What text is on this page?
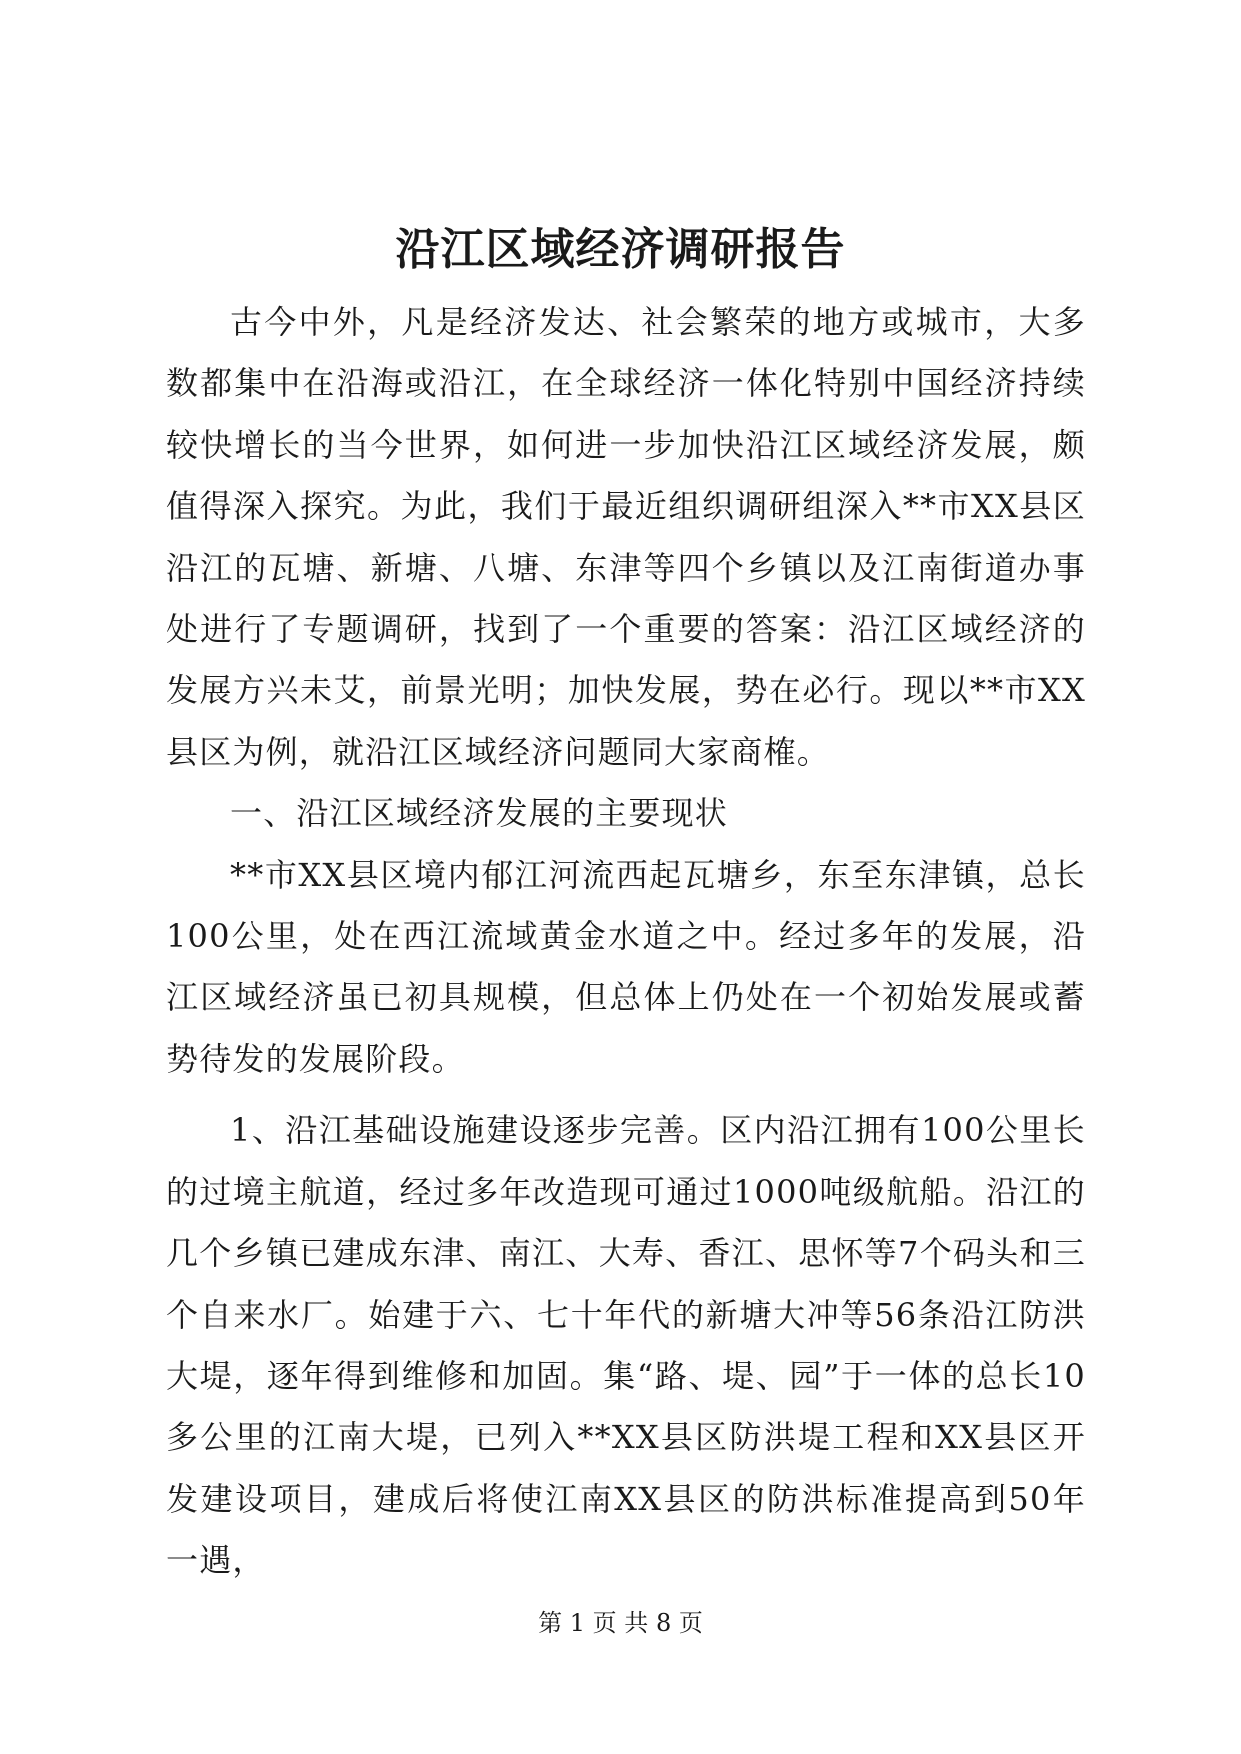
沿江区域经济调研报告

古今中外，凡是经济发达、社会繁荣的地方或城市，大多数都集中在沿海或沿江，在全球经济一体化特别中国经济持续较快增长的当今世界，如何进一步加快沿江区域经济发展，颇值得深入探究。为此，我们于最近组织调研组深入**市XX县区沿江的瓦塘、新塘、八塘、东津等四个乡镇以及江南街道办事处进行了专题调研，找到了一个重要的答案：沿江区域经济的发展方兴未艾，前景光明；加快发展，势在必行。现以**市XX县区为例，就沿江区域经济问题同大家商榷。

一、沿江区域经济发展的主要现状

**市XX县区境内郁江河流西起瓦塘乡，东至东津镇，总长100公里，处在西江流域黄金水道之中。经过多年的发展，沿江区域经济虽已初具规模，但总体上仍处在一个初始发展或蓄势待发的发展阶段。

1、沿江基础设施建设逐步完善。区内沿江拥有100公里长的过境主航道，经过多年改造现可通过1000吨级航船。沿江的几个乡镇已建成东津、南江、大寿、香江、思怀等7个码头和三个自来水厂。始建于六、七十年代的新塘大冲等56条沿江防洪大堤，逐年得到维修和加固。集“路、堤、园”于一体的总长10多公里的江南大堤，已列入**XX县区防洪堤工程和XX县区开发建设项目，建成后将使江南XX县区的防洪标准提高到50年一遇，

第 1 页 共 8 页
